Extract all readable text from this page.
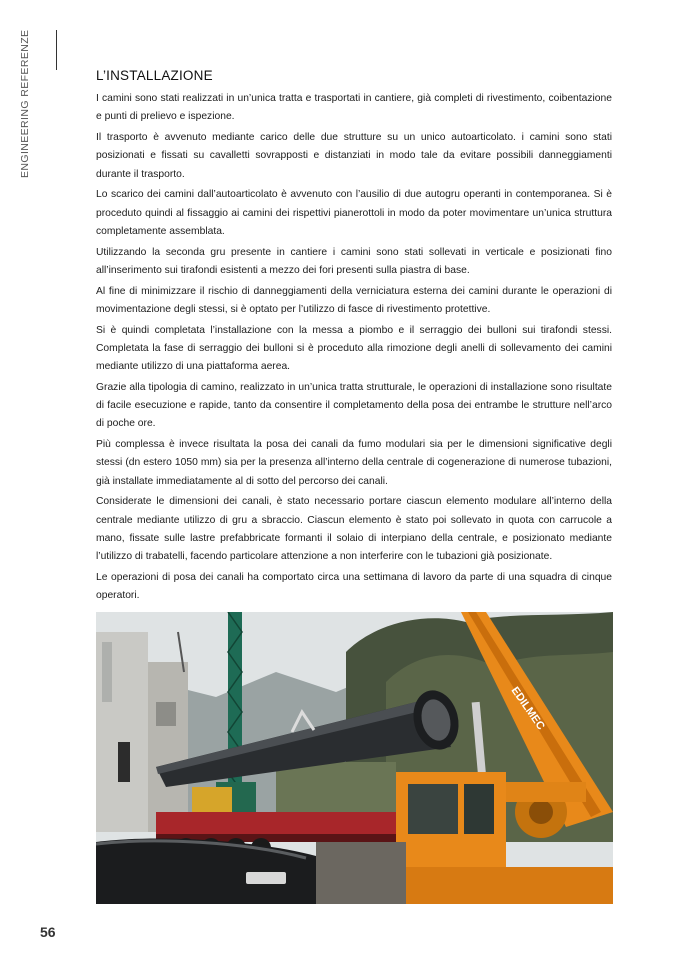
ENGINEERING REFERENZE	L’INSTALLAZIONE

I camini sono stati realizzati in un’unica tratta e trasportati in cantiere, già completi di rivestimento, coibentazione e punti di prelievo e ispezione.

Il trasporto è avvenuto mediante carico delle due strutture su un unico autoarticolato. i camini sono stati posizionati e fissati su cavalletti sovrapposti e distanziati in modo tale da evitare possibili danneggiamenti durante il trasporto.

Lo scarico dei camini dall’autoarticolato è avvenuto con l’ausilio di due autogru operanti in contemporanea. Si è proceduto quindi al fissaggio ai camini dei rispettivi pianerottoli in modo da poter movimentare un’unica struttura completamente assemblata.

Utilizzando la seconda gru presente in cantiere i camini sono stati sollevati in verticale e posizionati fino all’inserimento sui tirafondi esistenti a mezzo dei fori presenti sulla piastra di base.

Al fine di minimizzare il rischio di danneggiamenti della verniciatura esterna dei camini durante le operazioni di movimentazione degli stessi, si è optato per l’utilizzo di fasce di rivestimento protettive.

Si è quindi completata l’installazione con la messa a piombo e il serraggio dei bulloni sui tirafondi stessi. Completata la fase di serraggio dei bulloni si è proceduto alla rimozione degli anelli di sollevamento dei camini mediante utilizzo di una piattaforma aerea.

Grazie alla tipologia di camino, realizzato in un’unica tratta strutturale, le operazioni di installazione sono risultate di facile esecuzione e rapide, tanto da consentire il completamento della posa dei entrambe le strutture nell’arco di poche ore.

Più complessa è invece risultata la posa dei canali da fumo modulari sia per le dimensioni significative degli stessi (dn estero 1050 mm) sia per la presenza all’interno della centrale di cogenerazione di numerose tubazioni, già installate immediatamente al di sotto del percorso dei canali.

Considerate le dimensioni dei canali, è stato necessario portare ciascun elemento modulare all’interno della centrale mediante utilizzo di gru a sbraccio. Ciascun elemento è stato poi sollevato in quota con carrucole a mano, fissate sulle lastre prefabbricate formanti il solaio di interpiano della centrale, e posizionato mediante l’utilizzo di trabatelli, facendo particolare attenzione a non interferire con le tubazioni già posizionate.

Le operazioni di posa dei canali ha comportato circa una settimana di lavoro da parte di una squadra di cinque operatori.

EDILMEC
56
